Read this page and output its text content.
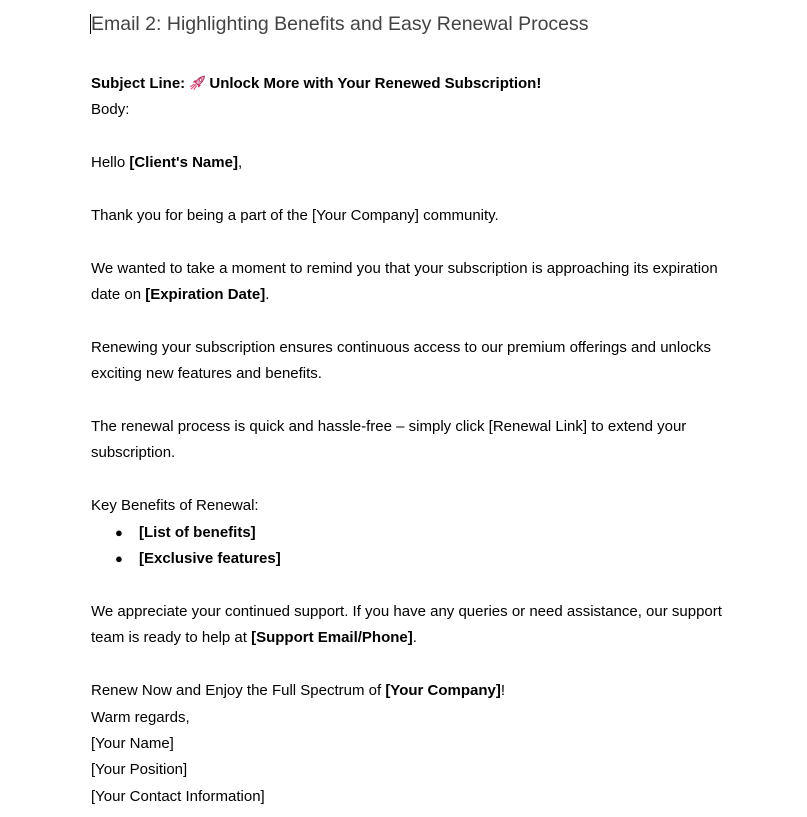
Email 2: Highlighting Benefits and Easy Renewal Process
Subject Line: Unlock More with Your Renewed Subscription!
Body:
Hello [Client's Name],
Thank you for being a part of the [Your Company] community.
We wanted to take a moment to remind you that your subscription is approaching its expiration date on [Expiration Date].
Renewing your subscription ensures continuous access to our premium offerings and unlocks exciting new features and benefits.
The renewal process is quick and hassle-free – simply click [Renewal Link] to extend your subscription.
Key Benefits of Renewal:
● [List of benefits]
● [Exclusive features]
We appreciate your continued support. If you have any queries or need assistance, our support team is ready to help at [Support Email/Phone].
Renew Now and Enjoy the Full Spectrum of [Your Company]!
Warm regards,
[Your Name]
[Your Position]
[Your Contact Information]
